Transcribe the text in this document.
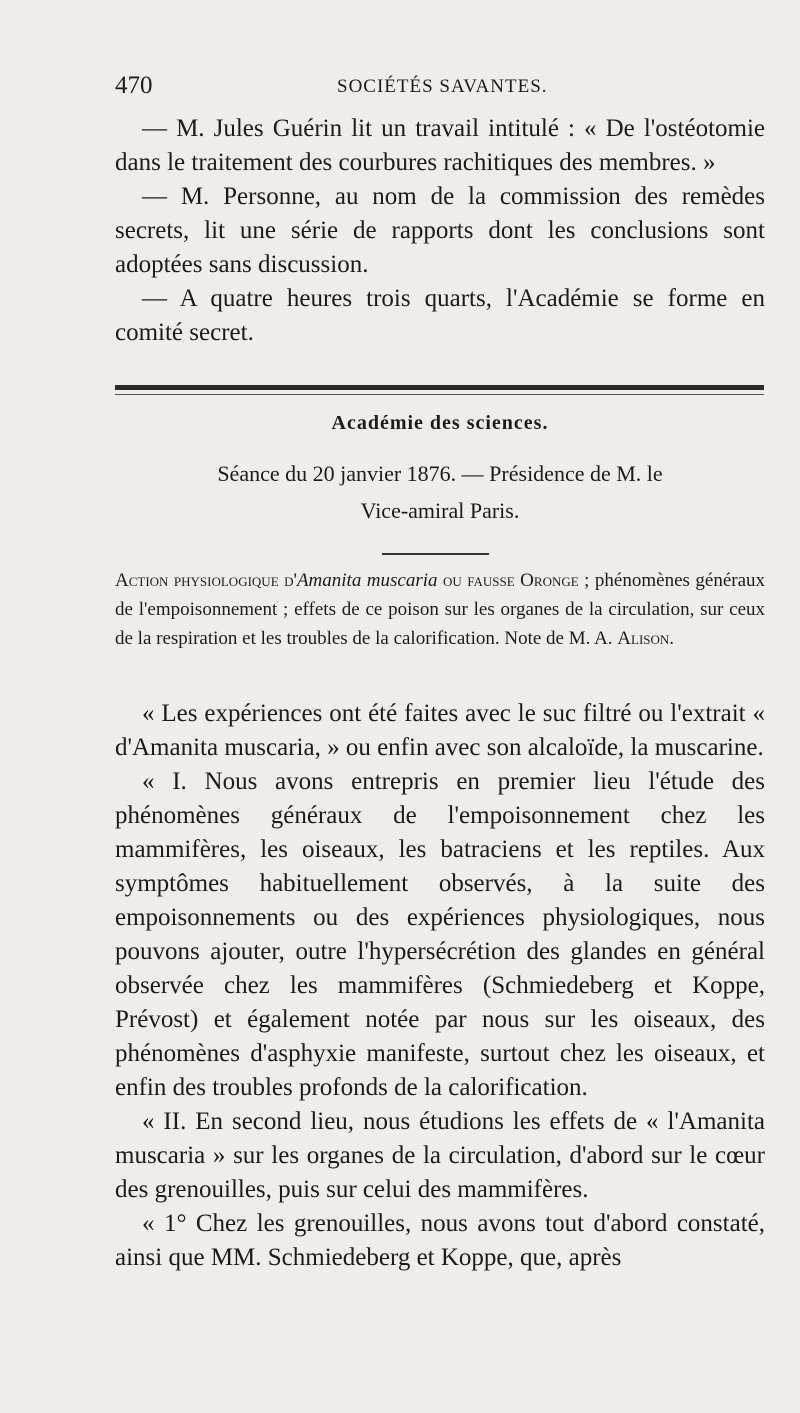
470	SOCIÉTÉS SAVANTES.

— M. Jules Guérin lit un travail intitulé : « De l'ostéotomie dans le traitement des courbures rachitiques des membres. »

— M. Personne, au nom de la commission des remèdes secrets, lit une série de rapports dont les conclusions sont adoptées sans discussion.

— A quatre heures trois quarts, l'Académie se forme en comité secret.

Académie des sciences.
Séance du 20 janvier 1876. — Présidence de M. le
Vice-amiral Paris.

Action physiologique d'Amanita muscaria ou fausse Oronge ; phénomènes généraux de l'empoisonnement ; effets de ce poison sur les organes de la circulation, sur ceux de la respiration et les troubles de la calorification. Note de M. A. Alison.

« Les expériences ont été faites avec le suc filtré ou l'extrait « d'Amanita muscaria, » ou enfin avec son alcaloïde, la muscarine.

« I. Nous avons entrepris en premier lieu l'étude des phénomènes généraux de l'empoisonnement chez les mammifères, les oiseaux, les batraciens et les reptiles. Aux symptômes habituellement observés, à la suite des empoisonnements ou des expériences physiologiques, nous pouvons ajouter, outre l'hypersécrétion des glandes en général observée chez les mammifères (Schmiedeberg et Koppe, Prévost) et également notée par nous sur les oiseaux, des phénomènes d'asphyxie manifeste, surtout chez les oiseaux, et enfin des troubles profonds de la calorification.

« II. En second lieu, nous étudions les effets de « l'Amanita muscaria » sur les organes de la circulation, d'abord sur le cœur des grenouilles, puis sur celui des mammifères.

« 1° Chez les grenouilles, nous avons tout d'abord constaté, ainsi que MM. Schmiedeberg et Koppe, que, après
